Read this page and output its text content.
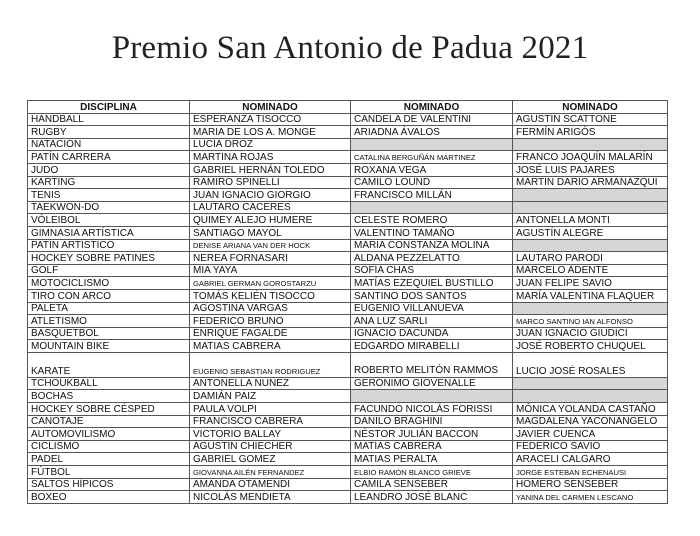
Premio San Antonio de Padua 2021
DISCIPLINA	NOMINADO	NOMINADO	NOMINADO
HANDBALL	ESPERANZA TISOCCO	CANDELA DE VALENTINI	AGUSTÍN SCATTONE
RUGBY	MARIA DE LOS A. MONGE	ARIADNA ÁVALOS	FERMÍN ARIGÓS
NATACIÓN	LUCÍA DROZ		
PATÍN CARRERA	MARTINA ROJAS	CATALINA BERGUÑÁN MARTINEZ	FRANCO JOAQUÍN MALARÍN
JUDO	GABRIEL HERNÁN TOLEDO	ROXANA VEGA	JOSÉ LUIS PAJARES
KARTING	RAMIRO SPINELLI	CAMILO LOUND	MARTIN DARIO ARMANAZQUI
TENIS	JUAN IGNACIO GIORGIO	FRANCISCO MILLÁN	
TAEKWON-DO	LAUTARO CÁCERES		
VÓLEIBOL	QUIMEY ALEJO HUMERE	CELESTE ROMERO	ANTONELLA MONTI
GIMNASIA ARTÍSTICA	SANTIAGO MAYOL	VALENTINO TAMAÑO	AGUSTÍN ALEGRE
PATÍN ARTÍSTICO	DENISE ARIANA VAN DER HOCK	MARIA CONSTANZA MOLINA	
HOCKEY SOBRE PATINES	NEREA FORNASARI	ALDANA PEZZELATTO	LAUTARO PARODI
GOLF	MIA YAYA	SOFÍA CHAS	MARCELO ADENTE
MOTOCICLISMO	GABRIEL GERMAN GOROSTARZU	MATÍAS EZEQUIEL BUSTILLO	JUAN FELIPE SAVIO
TIRO CON ARCO	TOMÁS KELIÉN TISOCCO	SANTINO DOS SANTOS	MARÍA VALENTINA FLAQUER
PALETA	AGOSTINA VARGAS	EUGENIO VILLANUEVA	
ATLETISMO	FEDERICO BRUNO	ANA LUZ SARLI	MARCO SANTINO IAN ALFONSO
BASQUETBOL	ENRIQUE FAGALDE	IGNACIO DACUNDA	JUAN IGNACIO GIUDICI
MOUNTAIN BIKE	MATIAS CABRERA	EDGARDO MIRABELLI	JOSÉ ROBERTO CHUQUEL
KARATE	EUGENIO SEBASTIAN RODRIGUEZ	ROBERTO MELITÓN RAMMOS	LUCIO JOSÉ ROSALES
TCHOUKBALL	ANTONELLA NUÑEZ	GERÓNIMO GIOVENALLE	
BOCHAS	DAMIÁN PAIZ		
HOCKEY SOBRE CÉSPED	PAULA VOLPI	FACUNDO NICOLÁS FORISSI	MÓNICA YOLANDA CASTAÑO
CANOTAJE	FRANCISCO CABRERA	DANILO BRAGHINI	MAGDALENA YACONANGELO
AUTOMOVILISMO	VICTORIO BALLAY	NÉSTOR JULIÁN BACCON	JAVIER CUENCA
CICLISMO	AGUSTÍN CHIECHER	MATÍAS CABRERA	FEDERICO SAVIO
PADEL	GABRIEL GOMEZ	MATIAS PERALTA	ARACELI CALGARO
FÚTBOL	GIOVANNA AILÉN FERNANDEZ	ELBIO RAMÓN BLANCO GRIEVE	JORGE ESTEBAN ECHENAUSI
SALTOS HÍPICOS	AMANDA OTAMENDI	CAMILA SENSEBER	HOMERO SENSEBER
BOXEO	NICOLÁS MENDIETA	LEANDRO JOSÉ BLANC	YANINA DEL CARMEN LESCANO
